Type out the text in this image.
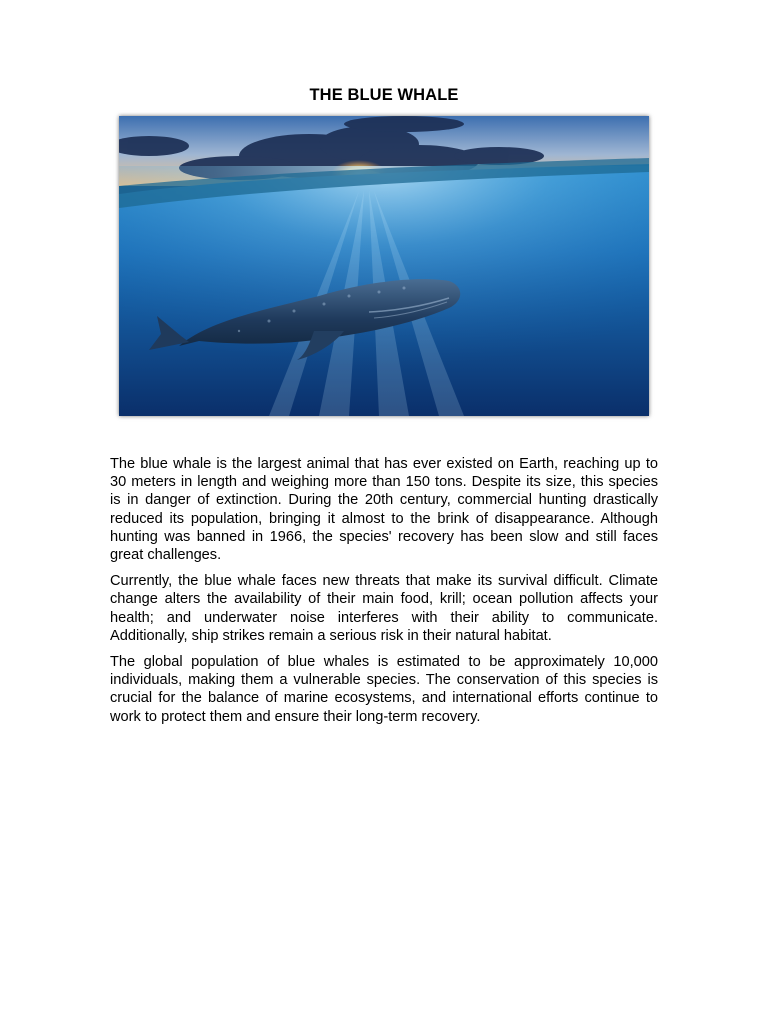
THE BLUE WHALE

The blue whale is the largest animal that has ever existed on Earth, reaching up to 30 meters in length and weighing more than 150 tons. Despite its size, this species is in danger of extinction. During the 20th century, commercial hunting drastically reduced its population, bringing it almost to the brink of disappearance. Although hunting was banned in 1966, the species' recovery has been slow and still faces great challenges.

Currently, the blue whale faces new threats that make its survival difficult. Climate change alters the availability of their main food, krill; ocean pollution affects your health; and underwater noise interferes with their ability to communicate. Additionally, ship strikes remain a serious risk in their natural habitat.

The global population of blue whales is estimated to be approximately 10,000 individuals, making them a vulnerable species. The conservation of this species is crucial for the balance of marine ecosystems, and international efforts continue to work to protect them and ensure their long-term recovery.
